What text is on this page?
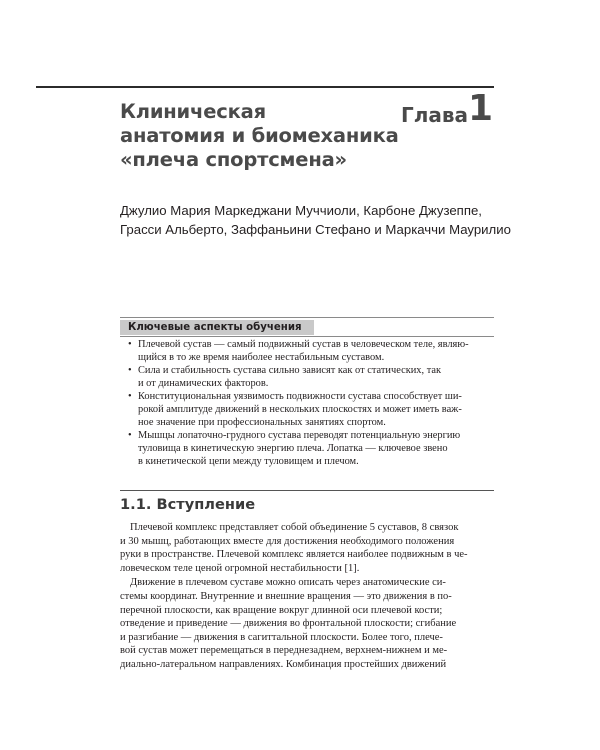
Клиническая
анатомия и биомеханика
«плеча спортсмена»
Глава 1
Джулио Мария Маркеджани Муччиоли, Карбоне Джузеппе,
Грасси Альберто, Заффаньини Стефано и Маркаччи Маурилио
Ключевые аспекты обучения
• Плечевой сустав — самый подвижный сустав в человеческом теле, являю-
щийся в то же время наиболее нестабильным суставом.
• Сила и стабильность сустава сильно зависят как от статических, так
и от динамических факторов.
• Конституциональная уязвимость подвижности сустава способствует ши-
рокой амплитуде движений в нескольких плоскостях и может иметь важ-
ное значение при профессиональных занятиях спортом.
• Мышцы лопаточно-грудного сустава переводят потенциальную энергию
туловища в кинетическую энергию плеча. Лопатка — ключевое звено
в кинетической цепи между туловищем и плечом.
1.1. Вступление

Плечевой комплекс представляет собой объединение 5 суставов, 8 связок
и 30 мышц, работающих вместе для достижения необходимого положения
руки в пространстве. Плечевой комплекс является наиболее подвижным в че-
ловеческом теле ценой огромной нестабильности [1].

Движение в плечевом суставе можно описать через анатомические си-
стемы координат. Внутренние и внешние вращения — это движения в по-
перечной плоскости, как вращение вокруг длинной оси плечевой кости;
отведение и приведение — движения во фронтальной плоскости; сгибание
и разгибание — движения в сагиттальной плоскости. Более того, плече-
вой сустав может перемещаться в переднезаднем, верхнем-нижнем и ме-
диально-латеральном направлениях. Комбинация простейших движений
